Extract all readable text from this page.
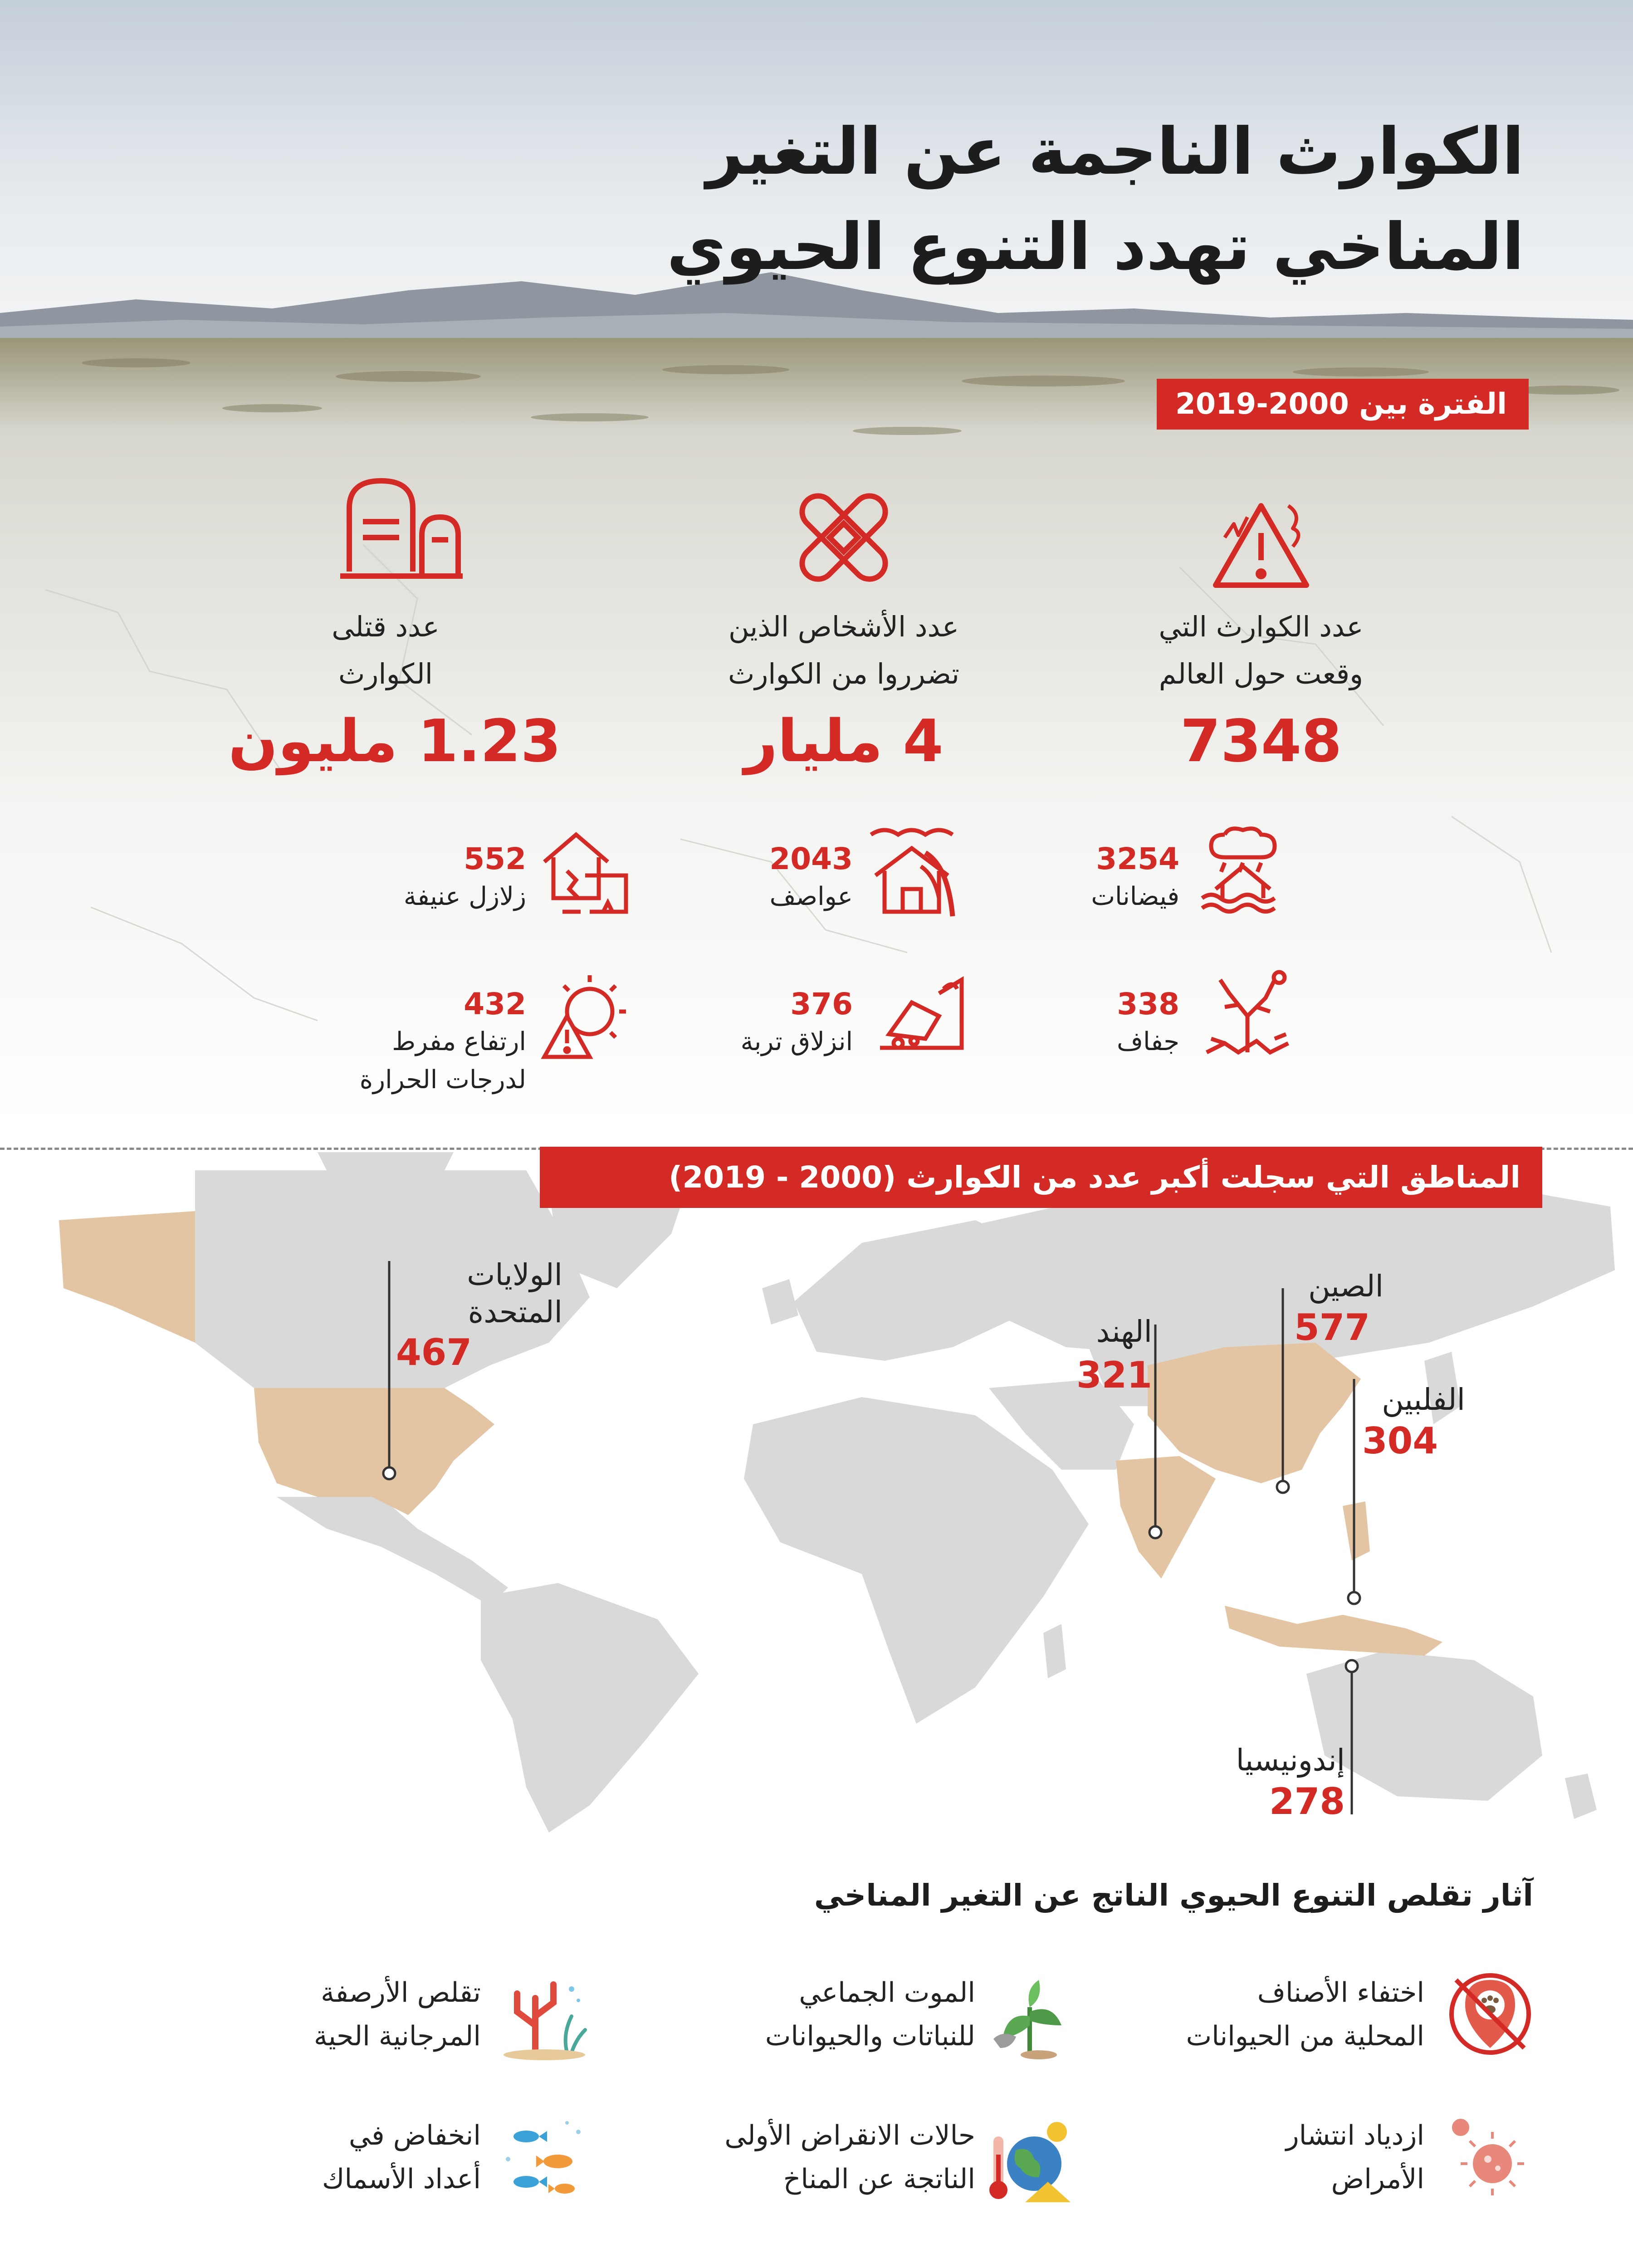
الكوارث الناجمة عن التغير
المناخي تهدد التنوع الحيوي
الفترة بين 2000-2019
عدد الكوارث التي
وقعت حول العالم
7348
عدد الأشخاص الذين
تضرروا من الكوارث
4 مليار
عدد قتلى
الكوارث
1.23 مليون
3254
فيضانات
2043
عواصف
552
زلازل عنيفة
338
جفاف
376
انزلاق تربة
432
ارتفاع مفرط
لدرجات الحرارة
المناطق التي سجلت أكبر عدد من الكوارث (2000 - 2019)
الولايات
المتحدة
467
الصين
577
الهند
321
الفلبين
304
إندونيسيا
278
آثار تقلص التنوع الحيوي الناتج عن التغير المناخي
اختفاء الأصناف
المحلية من الحيوانات
الموت الجماعي
للنباتات والحيوانات
تقلص الأرصفة
المرجانية الحية
ازدياد انتشار
الأمراض
حالات الانقراض الأولى
الناتجة عن المناخ
انخفاض في
أعداد الأسماك
